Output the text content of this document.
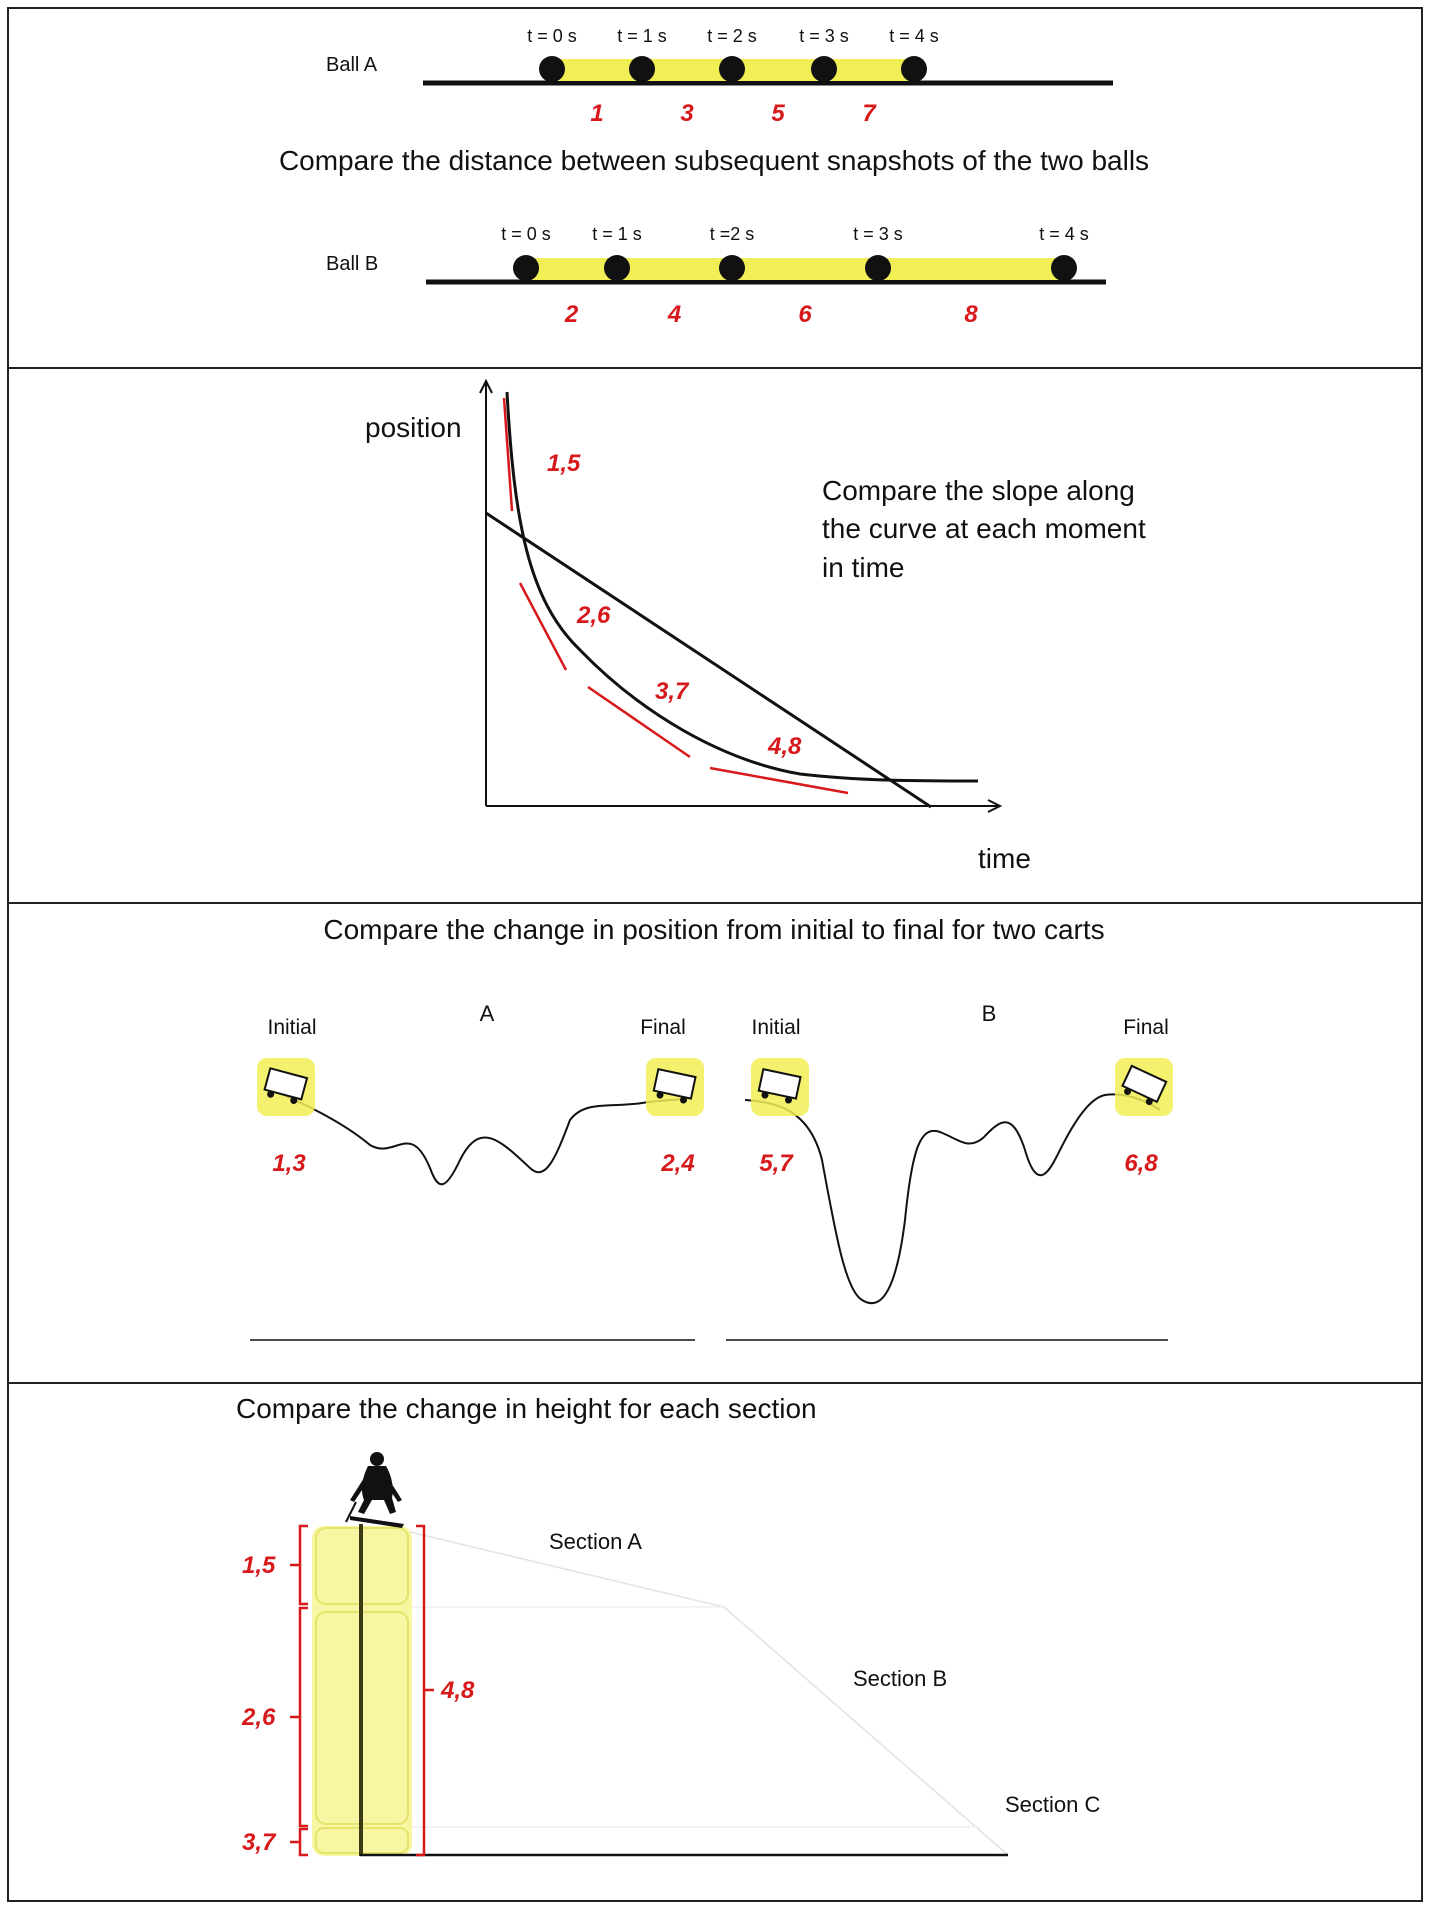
Ball A
t = 0 s t = 1 s t = 2 s t = 3 s t = 4 s
1	3	5	7
Compare the distance between subsequent snapshots of the two balls
Ball B
t = 0 s t = 1 s	t =2 s	t = 3 s	t = 4 s
2	4	6	8
position
time
1,5
2,6
3,7
4,8
Compare the slope along
the curve at each moment
in time
Compare the change in position from initial to final for two carts
A	B
Initial	Final	Initial	Final
1,3	2,4	5,7	6,8
Compare the change in height for each section
1,5
2,6
3,7
4,8
Section A
Section B
Section C
